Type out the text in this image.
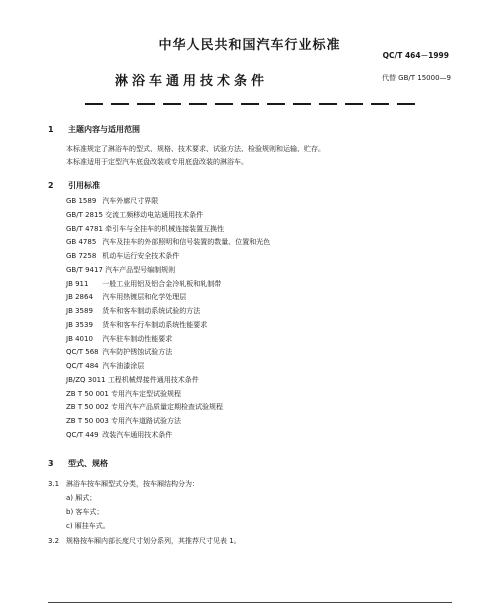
中华人民共和国汽车行业标准
QC/T 464－1999
淋浴车通用技术条件	代替 GB/T 15000—9
1 主题内容与适用范围
本标准规定了淋浴车的型式、规格、技术要求、试验方法、检验规则和运输、贮存。
本标准适用于定型汽车底盘改装或专用底盘改装的淋浴车。
2 引用标准
GB 1589 汽车外廓尺寸界限
GB/T 2815 交流工频移动电站通用技术条件
GB/T 4781 牵引车与全挂车的机械连接装置互换性
GB 4785 汽车及挂车的外部照明和信号装置的数量、位置和光色
GB 7258 机动车运行安全技术条件
GB/T 9417 汽车产品型号编制规则
JB 911 一般工业用铝及铝合金冷轧板和轧制带
JB 2864 汽车用热镀层和化学处理层
JB 3589 货车和客车制动系统试验的方法
JB 3539 货车和客车行车制动系统性能要求
JB 4010 汽车驻车制动性能要求
QC/T 568 汽车防护锈蚀试验方法
QC/T 484 汽车油漆涂层
JB/ZQ 3011 工程机械焊接件通用技术条件
ZB T 50 001 专用汽车定型试验规程
ZB T 50 002 专用汽车产品质量定期检查试验规程
ZB T 50 003 专用汽车道路试验方法
QC/T 449 改装汽车通用技术条件
3 型式、规格
3.1 淋浴车按车厢型式分类，按车厢结构分为：
a) 厢式；
b) 客车式；
c) 厢挂车式。
3.2 规格按车厢内部长度尺寸划分系列，其推荐尺寸见表 1。
